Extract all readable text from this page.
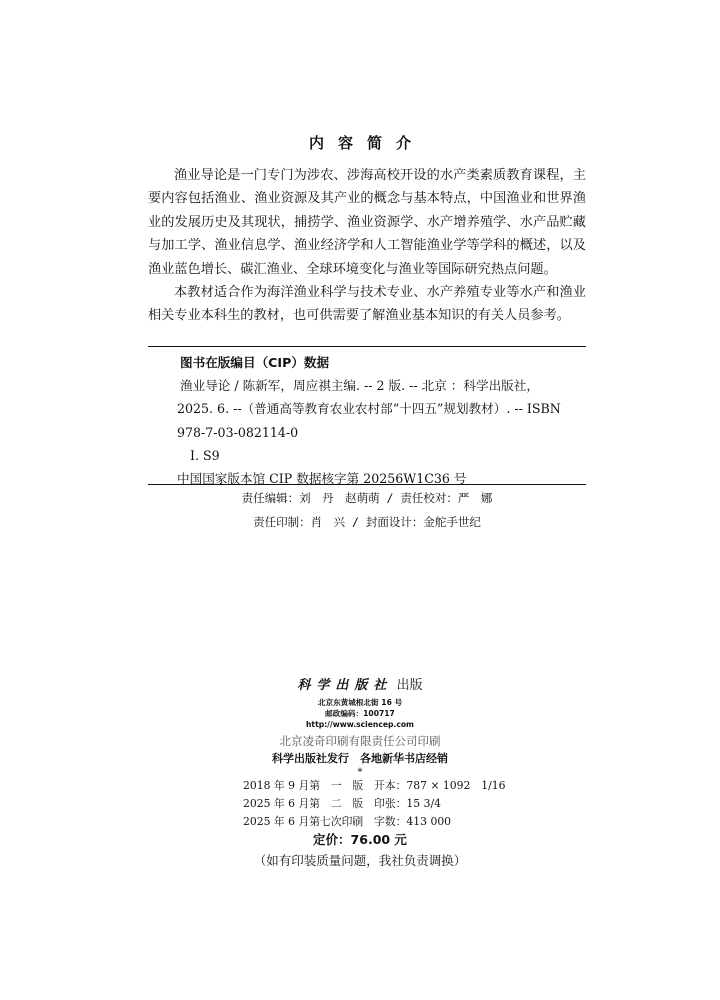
内容简介

渔业导论是一门专门为涉农、涉海高校开设的水产类素质教育课程，主要内容包括渔业、渔业资源及其产业的概念与基本特点，中国渔业和世界渔业的发展历史及其现状，捕捞学、渔业资源学、水产增养殖学、水产品贮藏与加工学、渔业信息学、渔业经济学和人工智能渔业学等学科的概述，以及渔业蓝色增长、碳汇渔业、全球环境变化与渔业等国际研究热点问题。

本教材适合作为海洋渔业科学与技术专业、水产养殖专业等水产和渔业相关专业本科生的教材，也可供需要了解渔业基本知识的有关人员参考。

图书在版编目（CIP）数据
渔业导论 / 陈新军，周应祺主编. -- 2 版. -- 北京 ：科学出版社，
2025. 6. --（普通高等教育农业农村部“十四五”规划教材）. -- ISBN
978-7-03-082114-0
Ⅰ. S9
中国国家版本馆 CIP 数据核字第 20256W1C36 号
责任编辑：刘　丹　赵萌萌 / 责任校对：严　娜
责任印制：肖　兴 / 封面设计：金舵手世纪
科学出版社 出版
北京东黄城根北街 16 号
邮政编码：100717
http://www.sciencep.com
北京凌奇印刷有限责任公司印刷
科学出版社发行　各地新华书店经销
*
2018 年 9 月第　一　版　开本：787 × 1092　1/16
2025 年 6 月第　二　版　印张：15 3/4
2025 年 6 月第七次印刷　字数：413 000
定价：76.00 元
（如有印装质量问题，我社负责调换）
